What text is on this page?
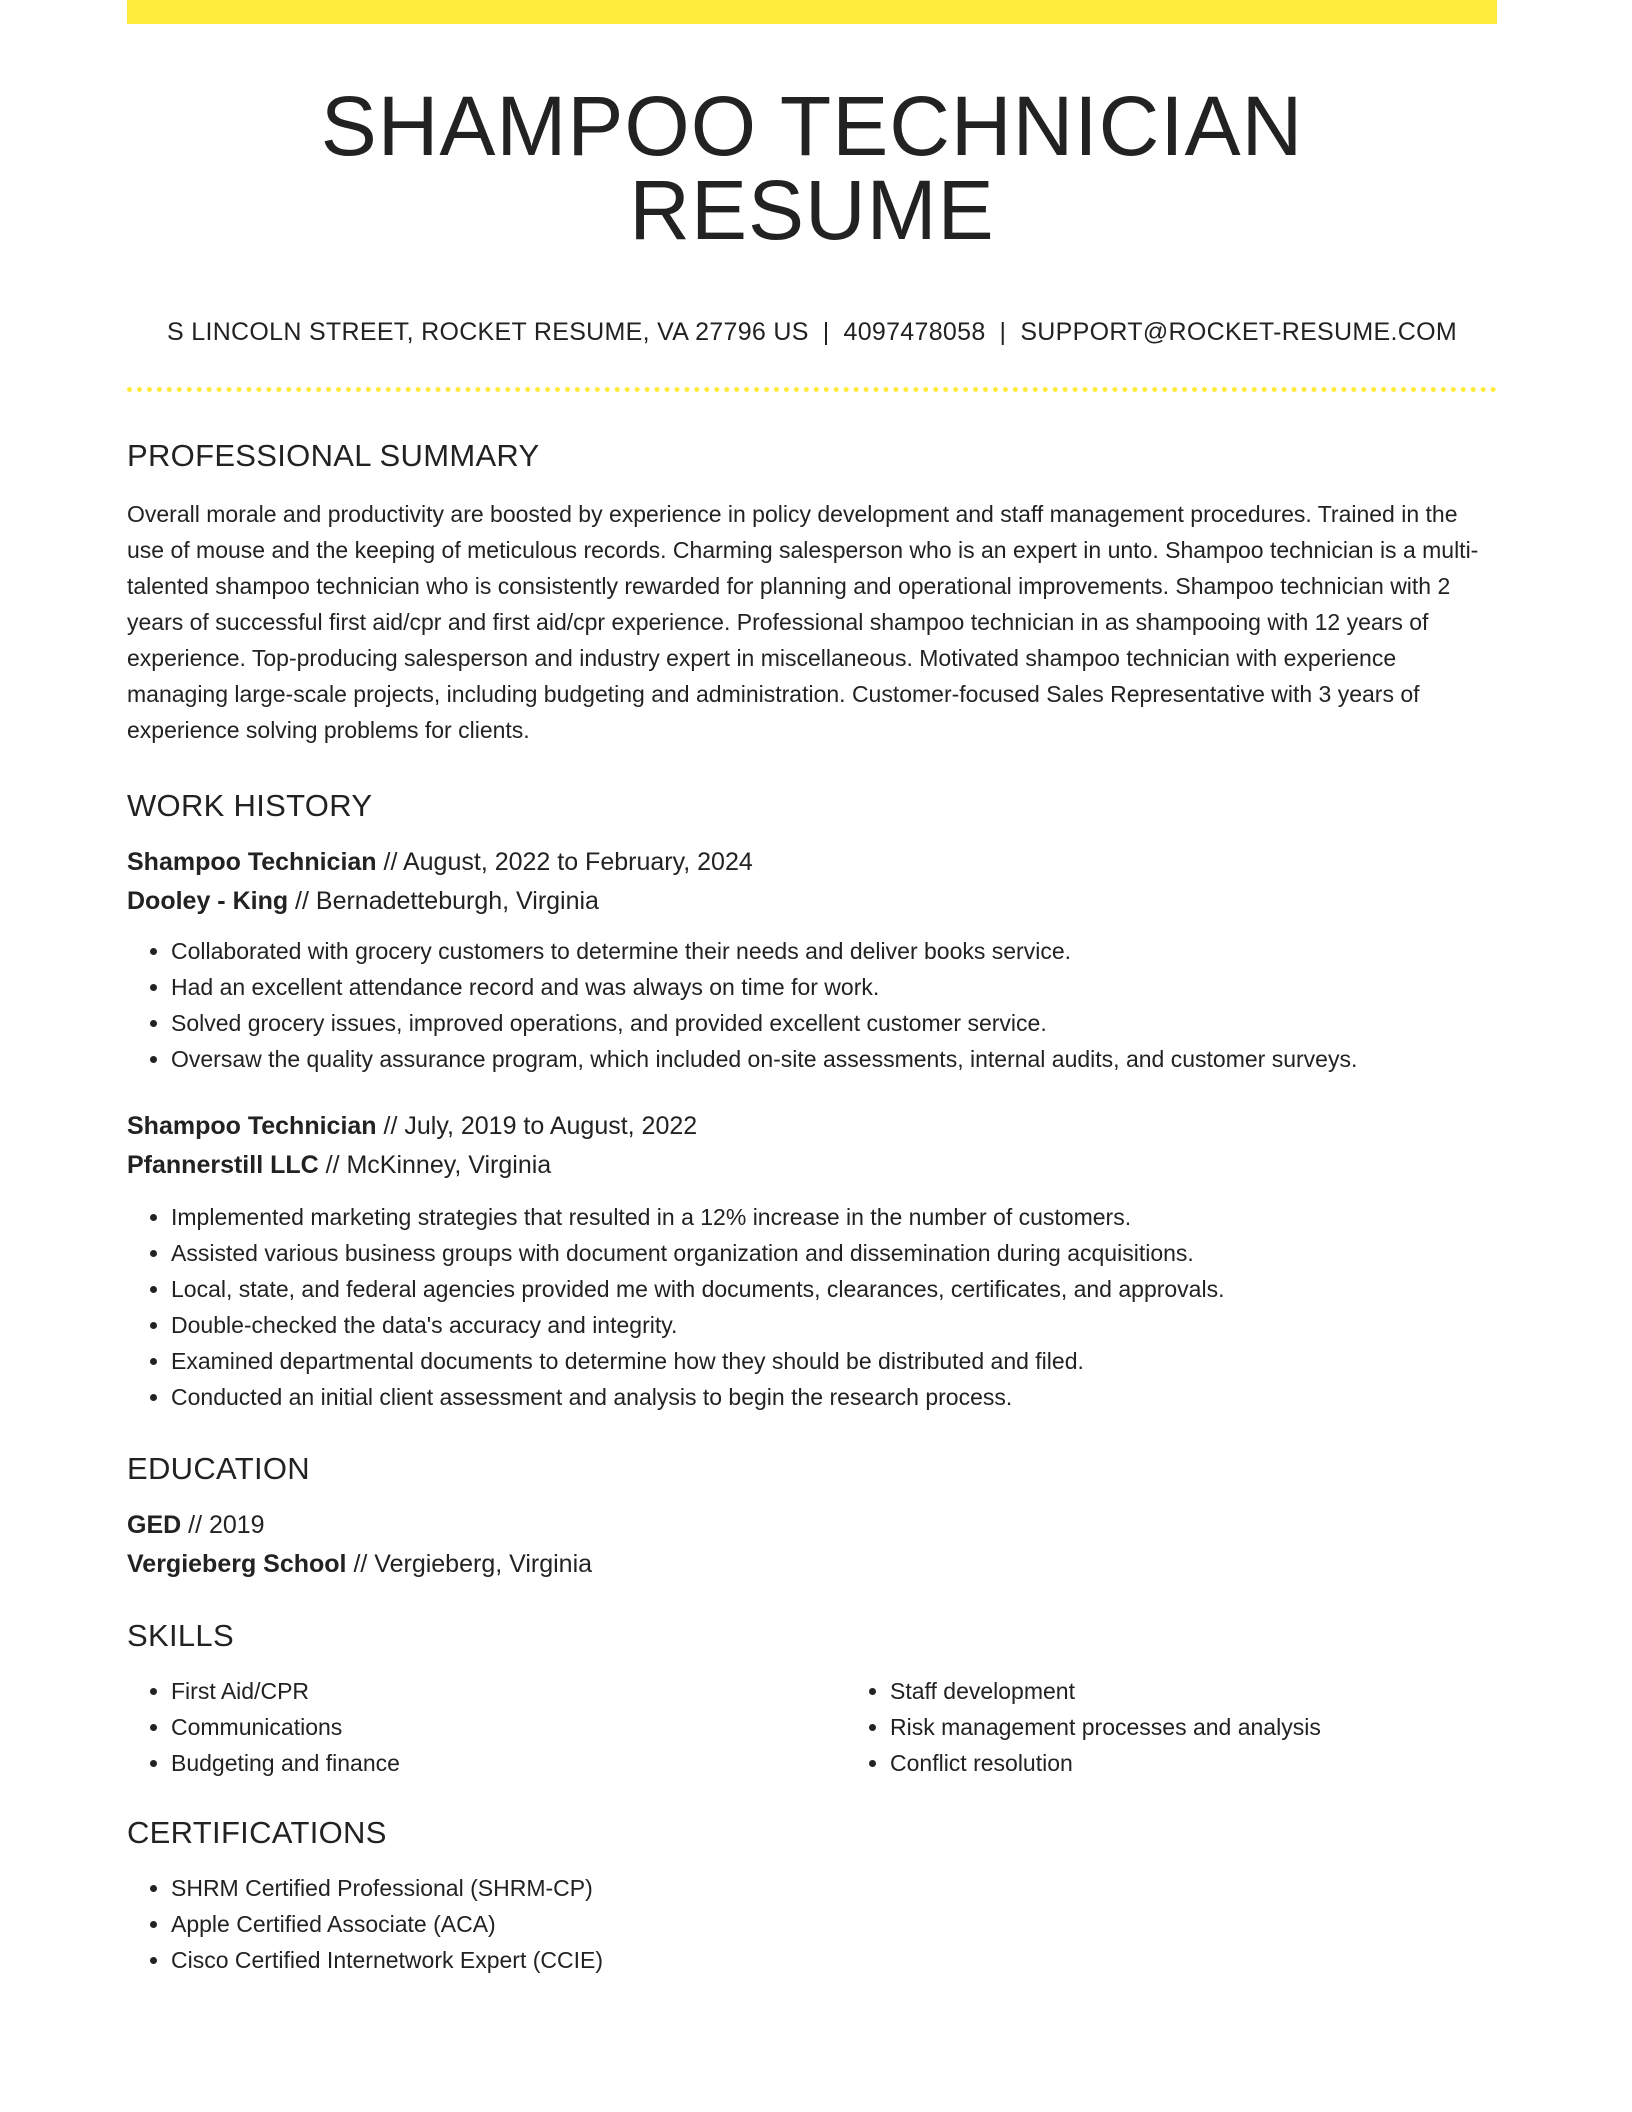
SHAMPOO TECHNICIAN RESUME
S LINCOLN STREET, ROCKET RESUME, VA 27796 US | 4097478058 | SUPPORT@ROCKET-RESUME.COM
PROFESSIONAL SUMMARY

Overall morale and productivity are boosted by experience in policy development and staff management procedures. Trained in the use of mouse and the keeping of meticulous records. Charming salesperson who is an expert in unto. Shampoo technician is a multi-talented shampoo technician who is consistently rewarded for planning and operational improvements. Shampoo technician with 2 years of successful first aid/cpr and first aid/cpr experience. Professional shampoo technician in as shampooing with 12 years of experience. Top-producing salesperson and industry expert in miscellaneous. Motivated shampoo technician with experience managing large-scale projects, including budgeting and administration. Customer-focused Sales Representative with 3 years of experience solving problems for clients.

WORK HISTORY
Shampoo Technician // August, 2022 to February, 2024
Dooley - King // Bernadetteburgh, Virginia
• Collaborated with grocery customers to determine their needs and deliver books service.
• Had an excellent attendance record and was always on time for work.
• Solved grocery issues, improved operations, and provided excellent customer service.
• Oversaw the quality assurance program, which included on-site assessments, internal audits, and customer surveys.
Shampoo Technician // July, 2019 to August, 2022
Pfannerstill LLC // McKinney, Virginia
• Implemented marketing strategies that resulted in a 12% increase in the number of customers.
• Assisted various business groups with document organization and dissemination during acquisitions.
• Local, state, and federal agencies provided me with documents, clearances, certificates, and approvals.
• Double-checked the data's accuracy and integrity.
• Examined departmental documents to determine how they should be distributed and filed.
• Conducted an initial client assessment and analysis to begin the research process.
EDUCATION
GED // 2019
Vergieberg School // Vergieberg, Virginia
SKILLS
• First Aid/CPR
• Communications
• Budgeting and finance
• Staff development
• Risk management processes and analysis
• Conflict resolution
CERTIFICATIONS
• SHRM Certified Professional (SHRM-CP)
• Apple Certified Associate (ACA)
• Cisco Certified Internetwork Expert (CCIE)
